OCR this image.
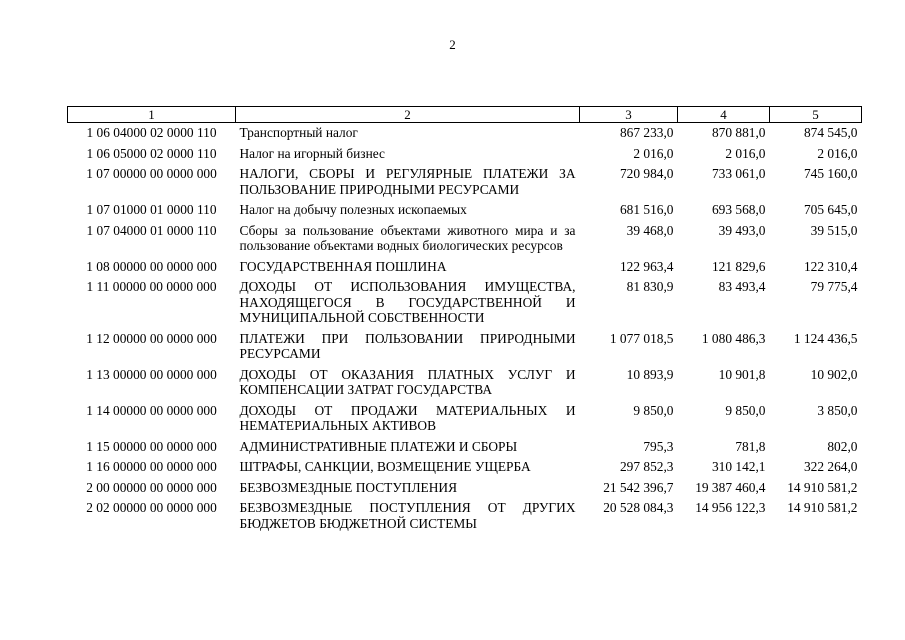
2
1	2	3	4	5
1 06 04000 02 0000 110	Транспортный налог	867 233,0	870 881,0	874 545,0
1 06 05000 02 0000 110	Налог на игорный бизнес	2 016,0	2 016,0	2 016,0
1 07 00000 00 0000 000	НАЛОГИ, СБОРЫ И РЕГУЛЯРНЫЕ ПЛАТЕЖИ ЗА ПОЛЬЗОВАНИЕ ПРИРОДНЫМИ РЕСУРСАМИ	720 984,0	733 061,0	745 160,0
1 07 01000 01 0000 110	Налог на добычу полезных ископаемых	681 516,0	693 568,0	705 645,0
1 07 04000 01 0000 110	Сборы за пользование объектами животного мира и за пользование объектами водных биологических ресурсов	39 468,0	39 493,0	39 515,0
1 08 00000 00 0000 000	ГОСУДАРСТВЕННАЯ ПОШЛИНА	122 963,4	121 829,6	122 310,4
1 11 00000 00 0000 000	ДОХОДЫ ОТ ИСПОЛЬЗОВАНИЯ ИМУЩЕСТВА, НАХОДЯЩЕГОСЯ В ГОСУДАРСТВЕННОЙ И МУНИЦИПАЛЬНОЙ СОБСТВЕННОСТИ	81 830,9	83 493,4	79 775,4
1 12 00000 00 0000 000	ПЛАТЕЖИ ПРИ ПОЛЬЗОВАНИИ ПРИРОДНЫМИ РЕСУРСАМИ	1 077 018,5	1 080 486,3	1 124 436,5
1 13 00000 00 0000 000	ДОХОДЫ ОТ ОКАЗАНИЯ ПЛАТНЫХ УСЛУГ И КОМПЕНСАЦИИ ЗАТРАТ ГОСУДАРСТВА	10 893,9	10 901,8	10 902,0
1 14 00000 00 0000 000	ДОХОДЫ ОТ ПРОДАЖИ МАТЕРИАЛЬНЫХ И НЕМАТЕРИАЛЬНЫХ АКТИВОВ	9 850,0	9 850,0	3 850,0
1 15 00000 00 0000 000	АДМИНИСТРАТИВНЫЕ ПЛАТЕЖИ И СБОРЫ	795,3	781,8	802,0
1 16 00000 00 0000 000	ШТРАФЫ, САНКЦИИ, ВОЗМЕЩЕНИЕ УЩЕРБА	297 852,3	310 142,1	322 264,0
2 00 00000 00 0000 000	БЕЗВОЗМЕЗДНЫЕ ПОСТУПЛЕНИЯ	21 542 396,7	19 387 460,4	14 910 581,2
2 02 00000 00 0000 000	БЕЗВОЗМЕЗДНЫЕ ПОСТУПЛЕНИЯ ОТ ДРУГИХ БЮДЖЕТОВ БЮДЖЕТНОЙ СИСТЕМЫ	20 528 084,3	14 956 122,3	14 910 581,2
